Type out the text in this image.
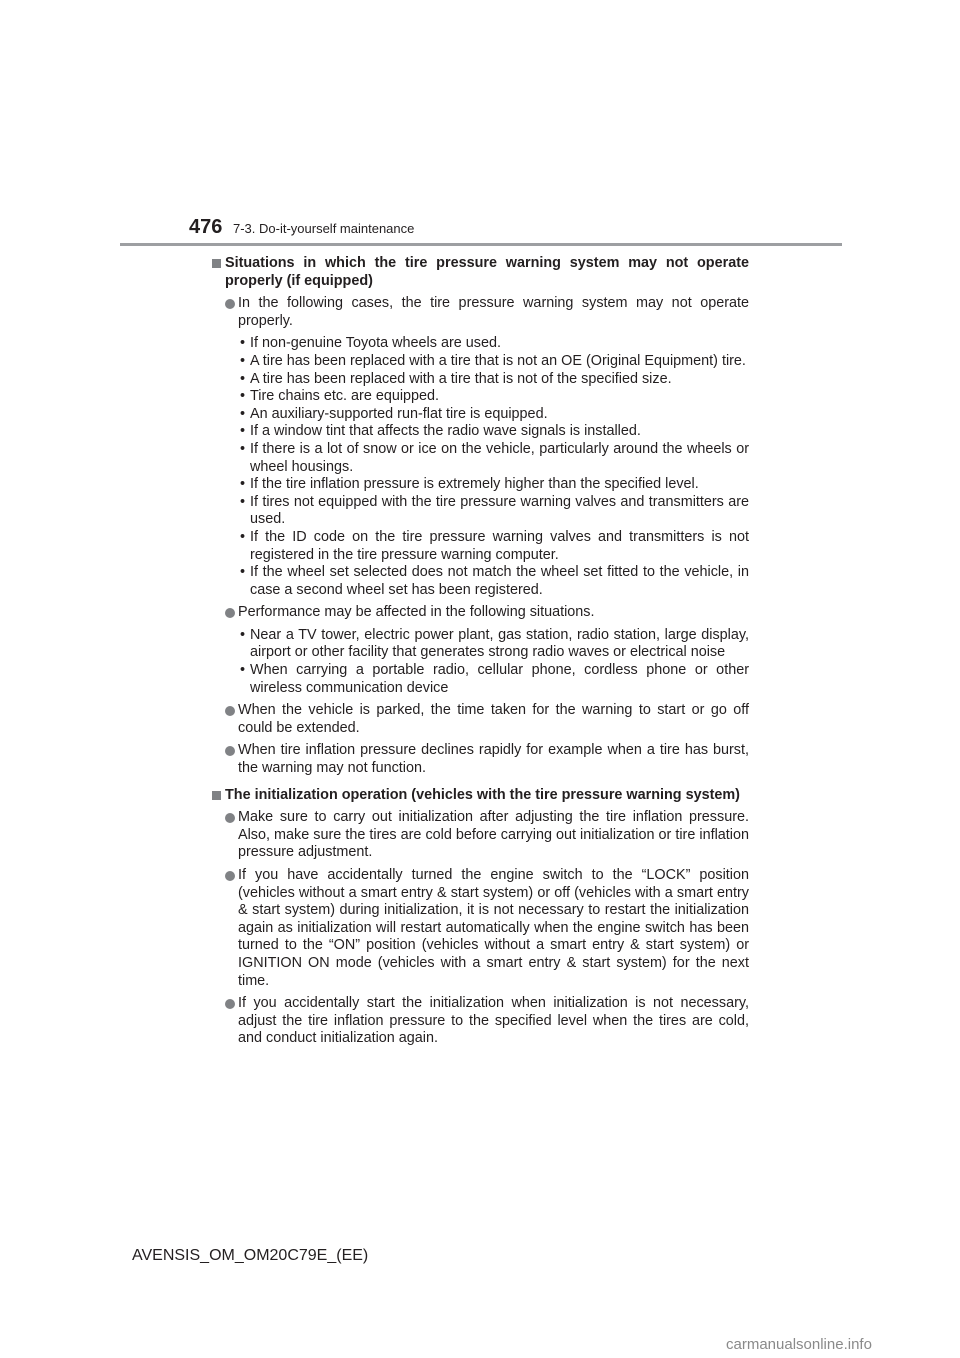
476 7-3. Do-it-yourself maintenance
Situations in which the tire pressure warning system may not operate properly (if equipped)
In the following cases, the tire pressure warning system may not operate properly.
• If non-genuine Toyota wheels are used.
• A tire has been replaced with a tire that is not an OE (Original Equipment) tire.
• A tire has been replaced with a tire that is not of the specified size.
• Tire chains etc. are equipped.
• An auxiliary-supported run-flat tire is equipped.
• If a window tint that affects the radio wave signals is installed.
• If there is a lot of snow or ice on the vehicle, particularly around the wheels or wheel housings.
• If the tire inflation pressure is extremely higher than the specified level.
• If tires not equipped with the tire pressure warning valves and transmitters are used.
• If the ID code on the tire pressure warning valves and transmitters is not registered in the tire pressure warning computer.
• If the wheel set selected does not match the wheel set fitted to the vehicle, in case a second wheel set has been registered.
Performance may be affected in the following situations.
• Near a TV tower, electric power plant, gas station, radio station, large display, airport or other facility that generates strong radio waves or electrical noise
• When carrying a portable radio, cellular phone, cordless phone or other wireless communication device
When the vehicle is parked, the time taken for the warning to start or go off could be extended.
When tire inflation pressure declines rapidly for example when a tire has burst, the warning may not function.
The initialization operation (vehicles with the tire pressure warning system)
Make sure to carry out initialization after adjusting the tire inflation pressure. Also, make sure the tires are cold before carrying out initialization or tire inflation pressure adjustment.
If you have accidentally turned the engine switch to the “LOCK” position (vehicles without a smart entry & start system) or off (vehicles with a smart entry & start system) during initialization, it is not necessary to restart the initialization again as initialization will restart automatically when the engine switch has been turned to the “ON” position (vehicles without a smart entry & start system) or IGNITION ON mode (vehicles with a smart entry & start system) for the next time.
If you accidentally start the initialization when initialization is not necessary, adjust the tire inflation pressure to the specified level when the tires are cold, and conduct initialization again.
AVENSIS_OM_OM20C79E_(EE)
carmanualsonline.info
